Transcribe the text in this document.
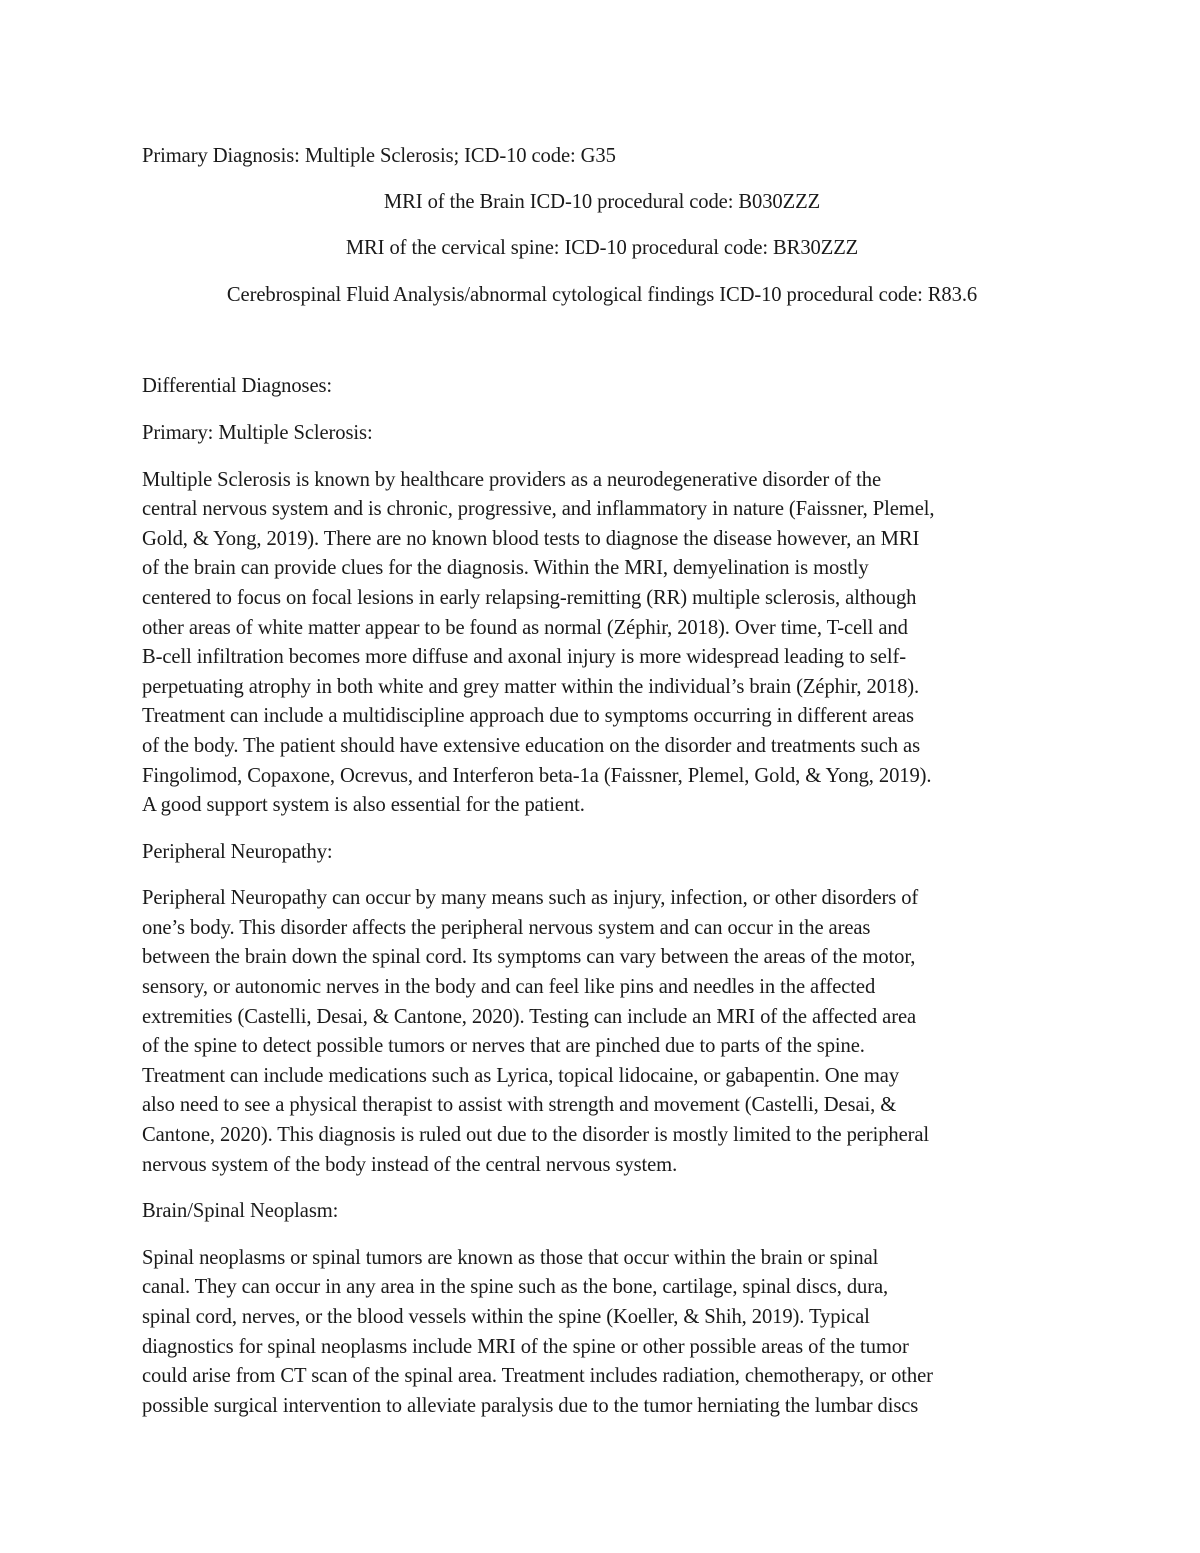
Primary Diagnosis: Multiple Sclerosis; ICD-10 code: G35

MRI of the Brain ICD-10 procedural code: B030ZZZ

MRI of the cervical spine: ICD-10 procedural code: BR30ZZZ

Cerebrospinal Fluid Analysis/abnormal cytological findings ICD-10 procedural code: R83.6

Differential Diagnoses:

Primary: Multiple Sclerosis:

Multiple Sclerosis is known by healthcare providers as a neurodegenerative disorder of the
central nervous system and is chronic, progressive, and inflammatory in nature (Faissner, Plemel,
Gold, & Yong, 2019). There are no known blood tests to diagnose the disease however, an MRI
of the brain can provide clues for the diagnosis. Within the MRI, demyelination is mostly
centered to focus on focal lesions in early relapsing-remitting (RR) multiple sclerosis, although
other areas of white matter appear to be found as normal (Zéphir, 2018). Over time, T-cell and
B-cell infiltration becomes more diffuse and axonal injury is more widespread leading to self-
perpetuating atrophy in both white and grey matter within the individual’s brain (Zéphir, 2018).
Treatment can include a multidiscipline approach due to symptoms occurring in different areas
of the body. The patient should have extensive education on the disorder and treatments such as
Fingolimod, Copaxone, Ocrevus, and Interferon beta-1a (Faissner, Plemel, Gold, & Yong, 2019).
A good support system is also essential for the patient.

Peripheral Neuropathy:

Peripheral Neuropathy can occur by many means such as injury, infection, or other disorders of
one’s body. This disorder affects the peripheral nervous system and can occur in the areas
between the brain down the spinal cord. Its symptoms can vary between the areas of the motor,
sensory, or autonomic nerves in the body and can feel like pins and needles in the affected
extremities (Castelli, Desai, & Cantone, 2020). Testing can include an MRI of the affected area
of the spine to detect possible tumors or nerves that are pinched due to parts of the spine.
Treatment can include medications such as Lyrica, topical lidocaine, or gabapentin. One may
also need to see a physical therapist to assist with strength and movement (Castelli, Desai, &
Cantone, 2020). This diagnosis is ruled out due to the disorder is mostly limited to the peripheral
nervous system of the body instead of the central nervous system.

Brain/Spinal Neoplasm:

Spinal neoplasms or spinal tumors are known as those that occur within the brain or spinal
canal. They can occur in any area in the spine such as the bone, cartilage, spinal discs, dura,
spinal cord, nerves, or the blood vessels within the spine (Koeller, & Shih, 2019). Typical
diagnostics for spinal neoplasms include MRI of the spine or other possible areas of the tumor
could arise from CT scan of the spinal area. Treatment includes radiation, chemotherapy, or other
possible surgical intervention to alleviate paralysis due to the tumor herniating the lumbar discs
